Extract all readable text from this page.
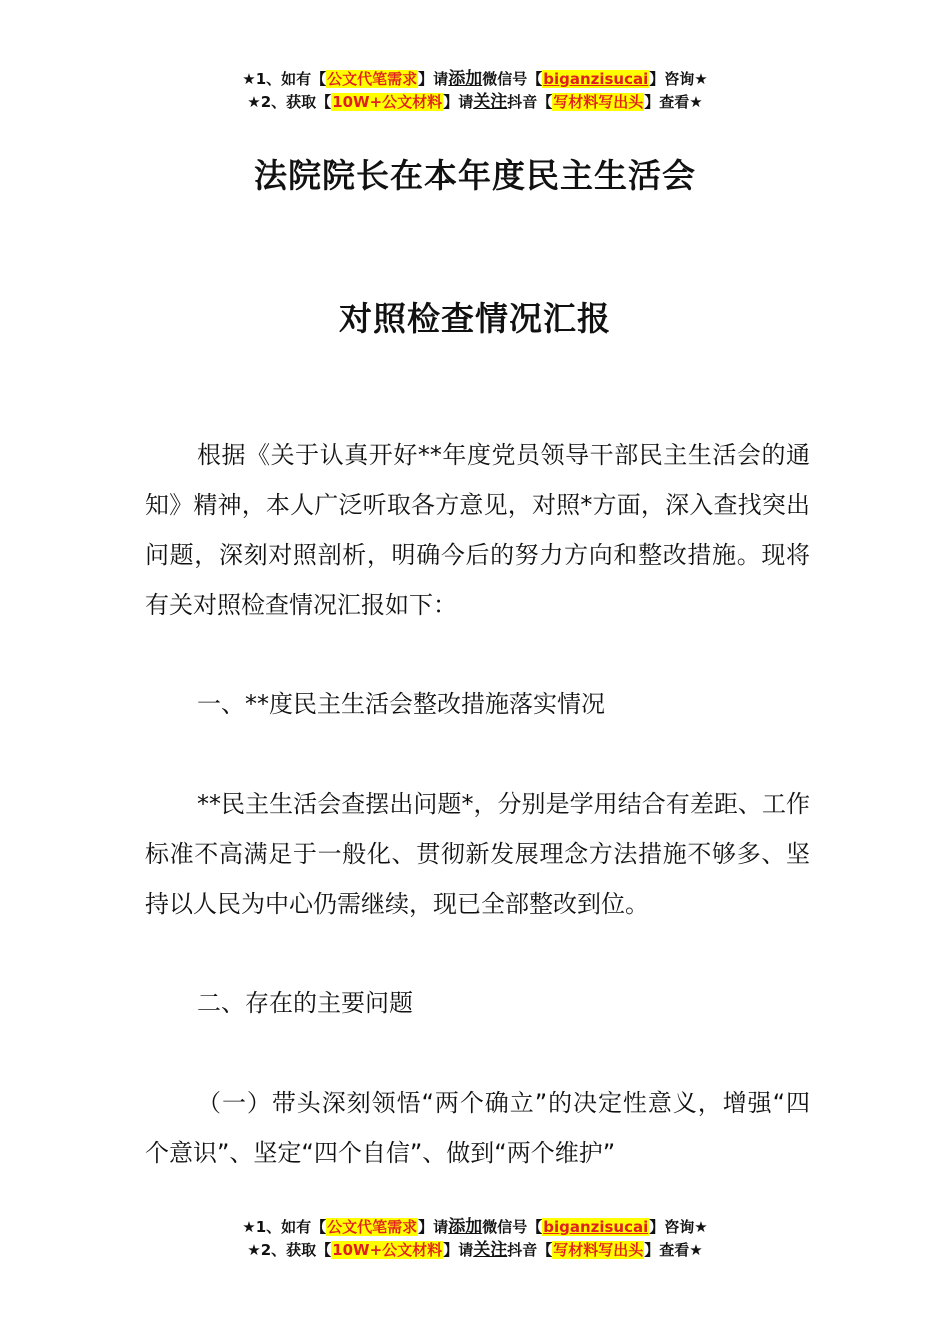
★1、如有【公文代笔需求】请添加微信号【biganzisucai】咨询★
★2、获取【10W+公文材料】请关注抖音【写材料写出头】查看★
法院院长在本年度民主生活会
对照检查情况汇报
根据《关于认真开好**年度党员领导干部民主生活会的通知》精神，本人广泛听取各方意见，对照*方面，深入查找突出问题，深刻对照剖析，明确今后的努力方向和整改措施。现将有关对照检查情况汇报如下：
一、**度民主生活会整改措施落实情况
**民主生活会查摆出问题*，分别是学用结合有差距、工作标准不高满足于一般化、贯彻新发展理念方法措施不够多、坚持以人民为中心仍需继续，现已全部整改到位。
二、存在的主要问题
（一）带头深刻领悟“两个确立”的决定性意义，增强“四个意识”、坚定“四个自信”、做到“两个维护”
★1、如有【公文代笔需求】请添加微信号【biganzisucai】咨询★
★2、获取【10W+公文材料】请关注抖音【写材料写出头】查看★
